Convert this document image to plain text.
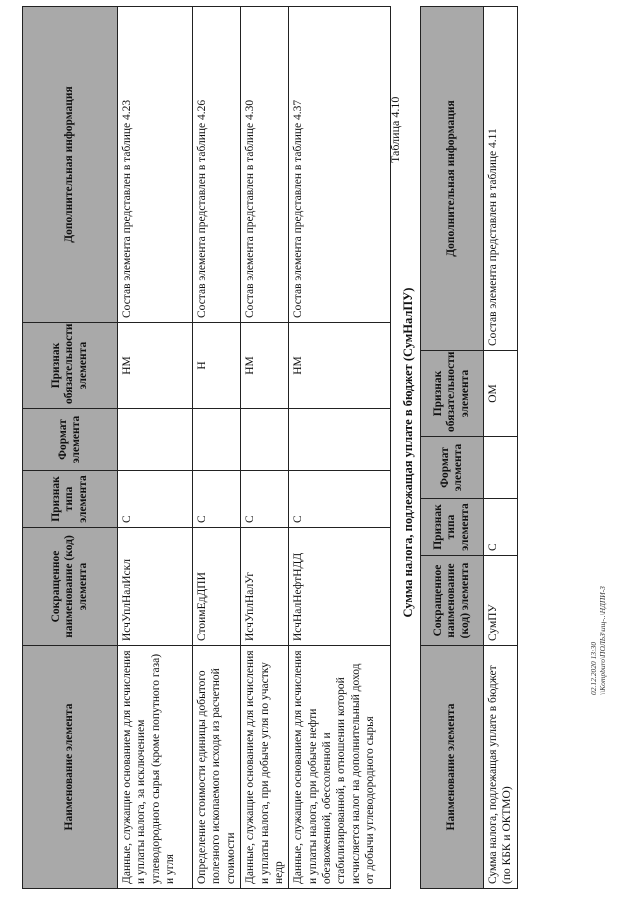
Наименование элемента	Сокращенное наименование (код) элемента	Признак типа элемента	Формат элемента	Признак обязательности элемента	Дополнительная информация
Данные, служащие основанием для исчисления и уплаты налога, за исключением углеводородного сырья (кроме попутного газа) и угля	ИсчУплНалИскл	С		НМ	Состав элемента представлен в таблице 4.23
Определение стоимости единицы добытого полезного ископаемого исходя из расчетной стоимости	СтоимЕдДПИ	С		Н	Состав элемента представлен в таблице 4.26
Данные, служащие основанием для исчисления и уплаты налога, при добыче угля по участку недр	ИсчУплНалУг	С		НМ	Состав элемента представлен в таблице 4.30
Данные, служащие основанием для исчисления и уплаты налога, при добыче нефти обезвоженной, обессоленной и стабилизированной, в отношении которой исчисляется налог на дополнительный доход от добычи углеводородного сырья	ИсчНалНефтНДД	С		НМ	Состав элемента представлен в таблице 4.37	Таблица 4.10
Сумма налога, подлежащая уплате в бюджет (СумНалПУ)
Наименование элемента	Сокращенное наименование (код) элемента	Признак типа элемента	Формат элемента	Признак обязательности элемента	Дополнительная информация
Сумма налога, подлежащая уплате в бюджет (по КБК и ОКТМО)	СумПУ	С		ОМ	Состав элемента представлен в таблице 4.11
02.12.2020 13:30 \\Kompburo\ПОЛЬЗ\ищ-..\НДПИ-3
